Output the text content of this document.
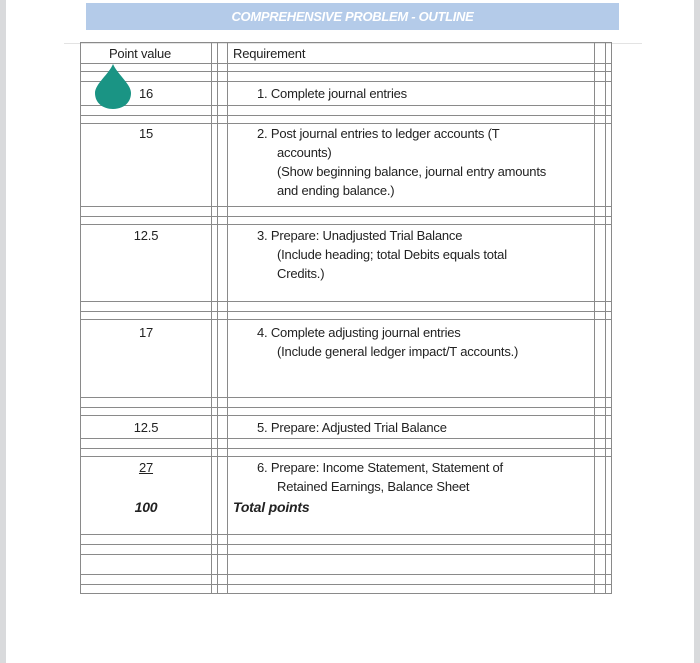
COMPREHENSIVE PROBLEM - OUTLINE
Point value	Requirement
16	1. Complete journal entries
15	2. Post journal entries to ledger accounts (T
accounts)
(Show beginning balance, journal entry amounts
and ending balance.)
12.5	3. Prepare: Unadjusted Trial Balance
(Include heading; total Debits equals total
Credits.)
17	4. Complete adjusting journal entries
(Include general ledger impact/T accounts.)
12.5	5. Prepare: Adjusted Trial Balance
27	6. Prepare: Income Statement, Statement of
Retained Earnings, Balance Sheet
100	Total points
